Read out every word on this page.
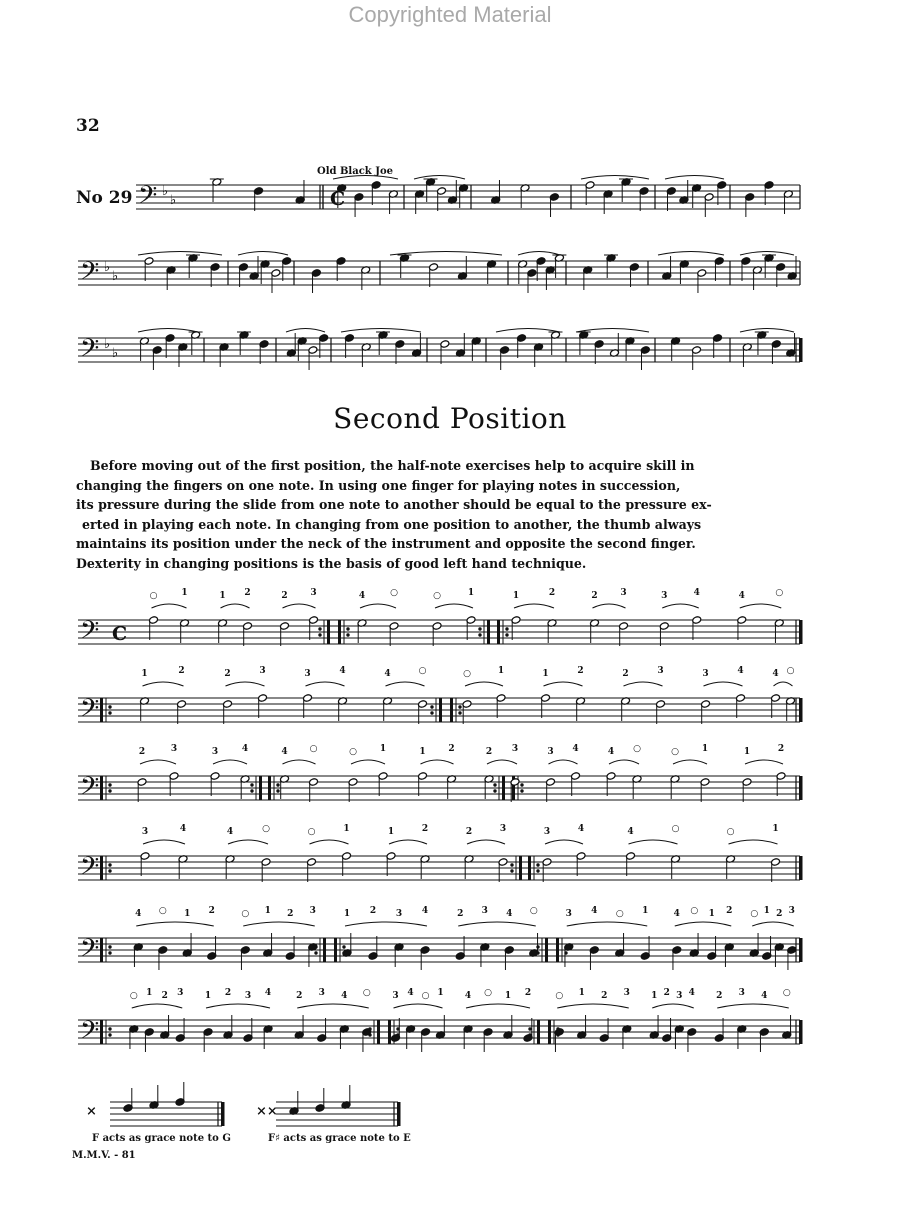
Copyrighted Material
32
Old Black Joe
No 29 𝄢 ♭
♭
𝄢 ♭
♭
𝄢 ♭
♭
C
𝄢 C
○	1	1 2	2	3	4	○	○	1	1	2	2	3	3	4	4	○
𝄢
1	2	2	3	3	4	4	○	○	1	1	2	2	3	3	4	4 ○
𝄢
2	3	3	4	4 ○	○	1	1	2	2 3	3 4	4 ○	○	1	1	2
𝄢
3	4	4	○	○	1	1	2	2	3	3	4	4	○	○	1
𝄢
4 ○ 1 2	○ 1 2 3	1 2 3 4	2 3 4 ○	3 4 ○ 1	4 ○ 1 2 ○ 1 2 3
𝄢
○ 1 2 3 1 2 3 4	2 3 4 ○ 3 4 ○ 1 4 ○ 1 2	○ 1 2 3 1 2 3 4 2 3 4 ○
Second Position

Before moving out of the first position, the half-note exercises help to acquire skill in

changing the fingers on one note. In using one finger for playing notes in succession,

its pressure during the slide from one note to another should be equal to the pressure ex-

erted in playing each note. In changing from one position to another, the thumb always

maintains its position under the neck of the instrument and opposite the second finger.

Dexterity in changing positions is the basis of good left hand technique.

×	××
F acts as grace note to G	F♯ acts as grace note to E
M.M.V. - 81
